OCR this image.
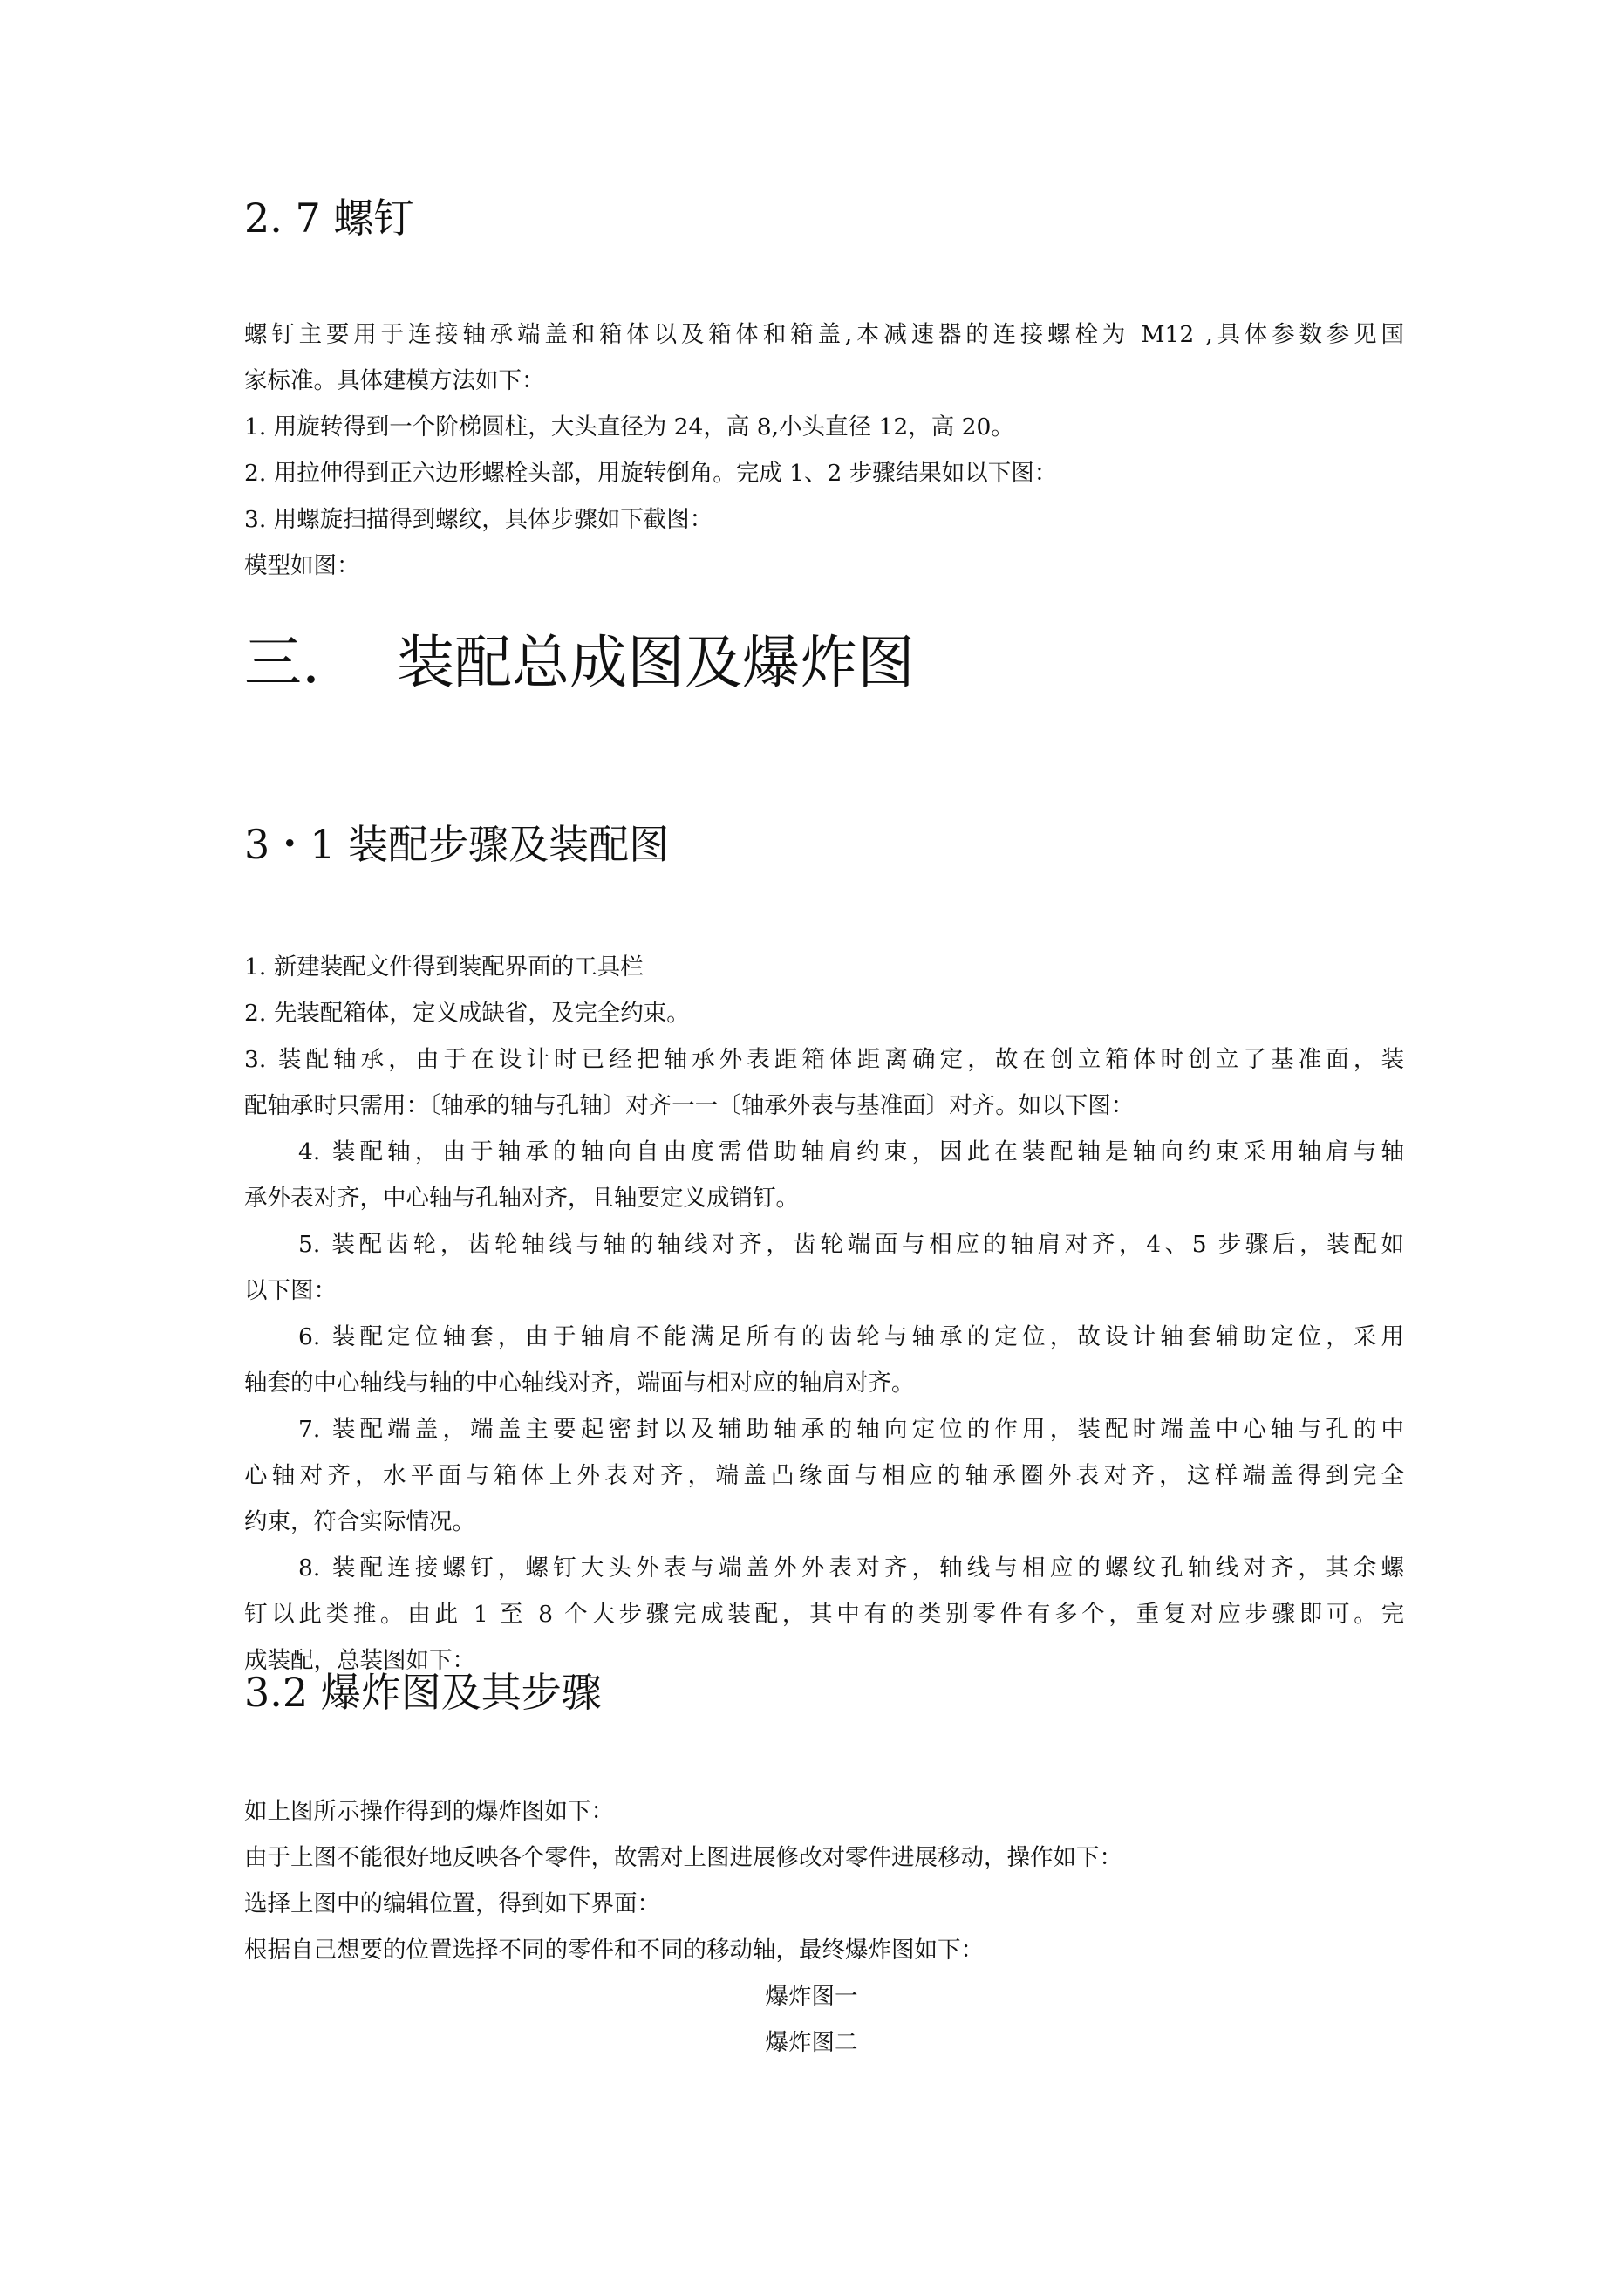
2. 7 螺钉
螺钉主要用于连接轴承端盖和箱体以及箱体和箱盖,本减速器的连接螺栓为 M12 ,具体参数参见国
家标准。具体建模方法如下：
1. 用旋转得到一个阶梯圆柱，大头直径为 24，高 8,小头直径 12，高 20。
2. 用拉伸得到正六边形螺栓头部，用旋转倒角。完成 1、2 步骤结果如以下图：
3. 用螺旋扫描得到螺纹，具体步骤如下截图：
模型如图：
三. 装配总成图及爆炸图
3・1 装配步骤及装配图
1. 新建装配文件得到装配界面的工具栏
2. 先装配箱体，定义成缺省，及完全约束。
3. 装配轴承，由于在设计时已经把轴承外表距箱体距离确定，故在创立箱体时创立了基准面，装
配轴承时只需用：〔轴承的轴与孔轴〕对齐一一〔轴承外表与基准面〕对齐。如以下图：
4. 装配轴，由于轴承的轴向自由度需借助轴肩约束，因此在装配轴是轴向约束采用轴肩与轴
承外表对齐，中心轴与孔轴对齐，且轴要定义成销钉。
5. 装配齿轮，齿轮轴线与轴的轴线对齐，齿轮端面与相应的轴肩对齐，4、5 步骤后，装配如
以下图：
6. 装配定位轴套，由于轴肩不能满足所有的齿轮与轴承的定位，故设计轴套辅助定位，采用
轴套的中心轴线与轴的中心轴线对齐，端面与相对应的轴肩对齐。
7. 装配端盖，端盖主要起密封以及辅助轴承的轴向定位的作用，装配时端盖中心轴与孔的中
心轴对齐，水平面与箱体上外表对齐，端盖凸缘面与相应的轴承圈外表对齐，这样端盖得到完全
约束，符合实际情况。
8. 装配连接螺钉，螺钉大头外表与端盖外外表对齐，轴线与相应的螺纹孔轴线对齐，其余螺
钉以此类推。由此 1 至 8 个大步骤完成装配，其中有的类别零件有多个，重复对应步骤即可。完
成装配，总装图如下：
3.2 爆炸图及其步骤
如上图所示操作得到的爆炸图如下：
由于上图不能很好地反映各个零件，故需对上图进展修改对零件进展移动，操作如下：
选择上图中的编辑位置，得到如下界面：
根据自己想要的位置选择不同的零件和不同的移动轴，最终爆炸图如下：
爆炸图一
爆炸图二
